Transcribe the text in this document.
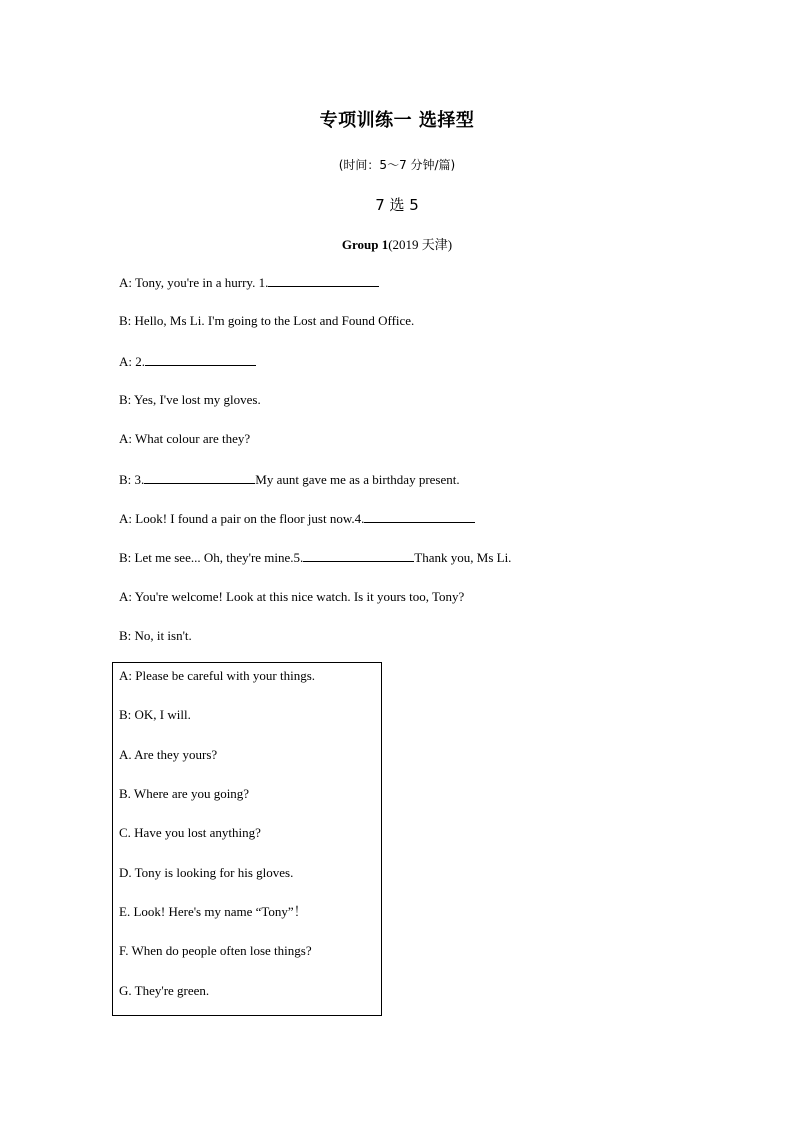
专项训练一 选择型
(时间：5～7 分钟/篇)
7 选 5
Group 1(2019 天津)
A: Tony, you're in a hurry. 1.
B: Hello, Ms Li. I'm going to the Lost and Found Office.
A: 2.
B: Yes, I've lost my gloves.
A: What colour are they?
B: 3.	My aunt gave me as a birthday present.
A: Look! I found a pair on the floor just now.4.
B: Let me see... Oh, they're mine.5.	Thank you, Ms Li.
A: You're welcome! Look at this nice watch. Is it yours too, Tony?
B: No, it isn't.
A: Please be careful with your things.
B: OK, I will.
A. Are they yours?
B. Where are you going?
C. Have you lost anything?
D. Tony is looking for his gloves.
E. Look! Here's my name “Tony”！
F. When do people often lose things?
G. They're green.
